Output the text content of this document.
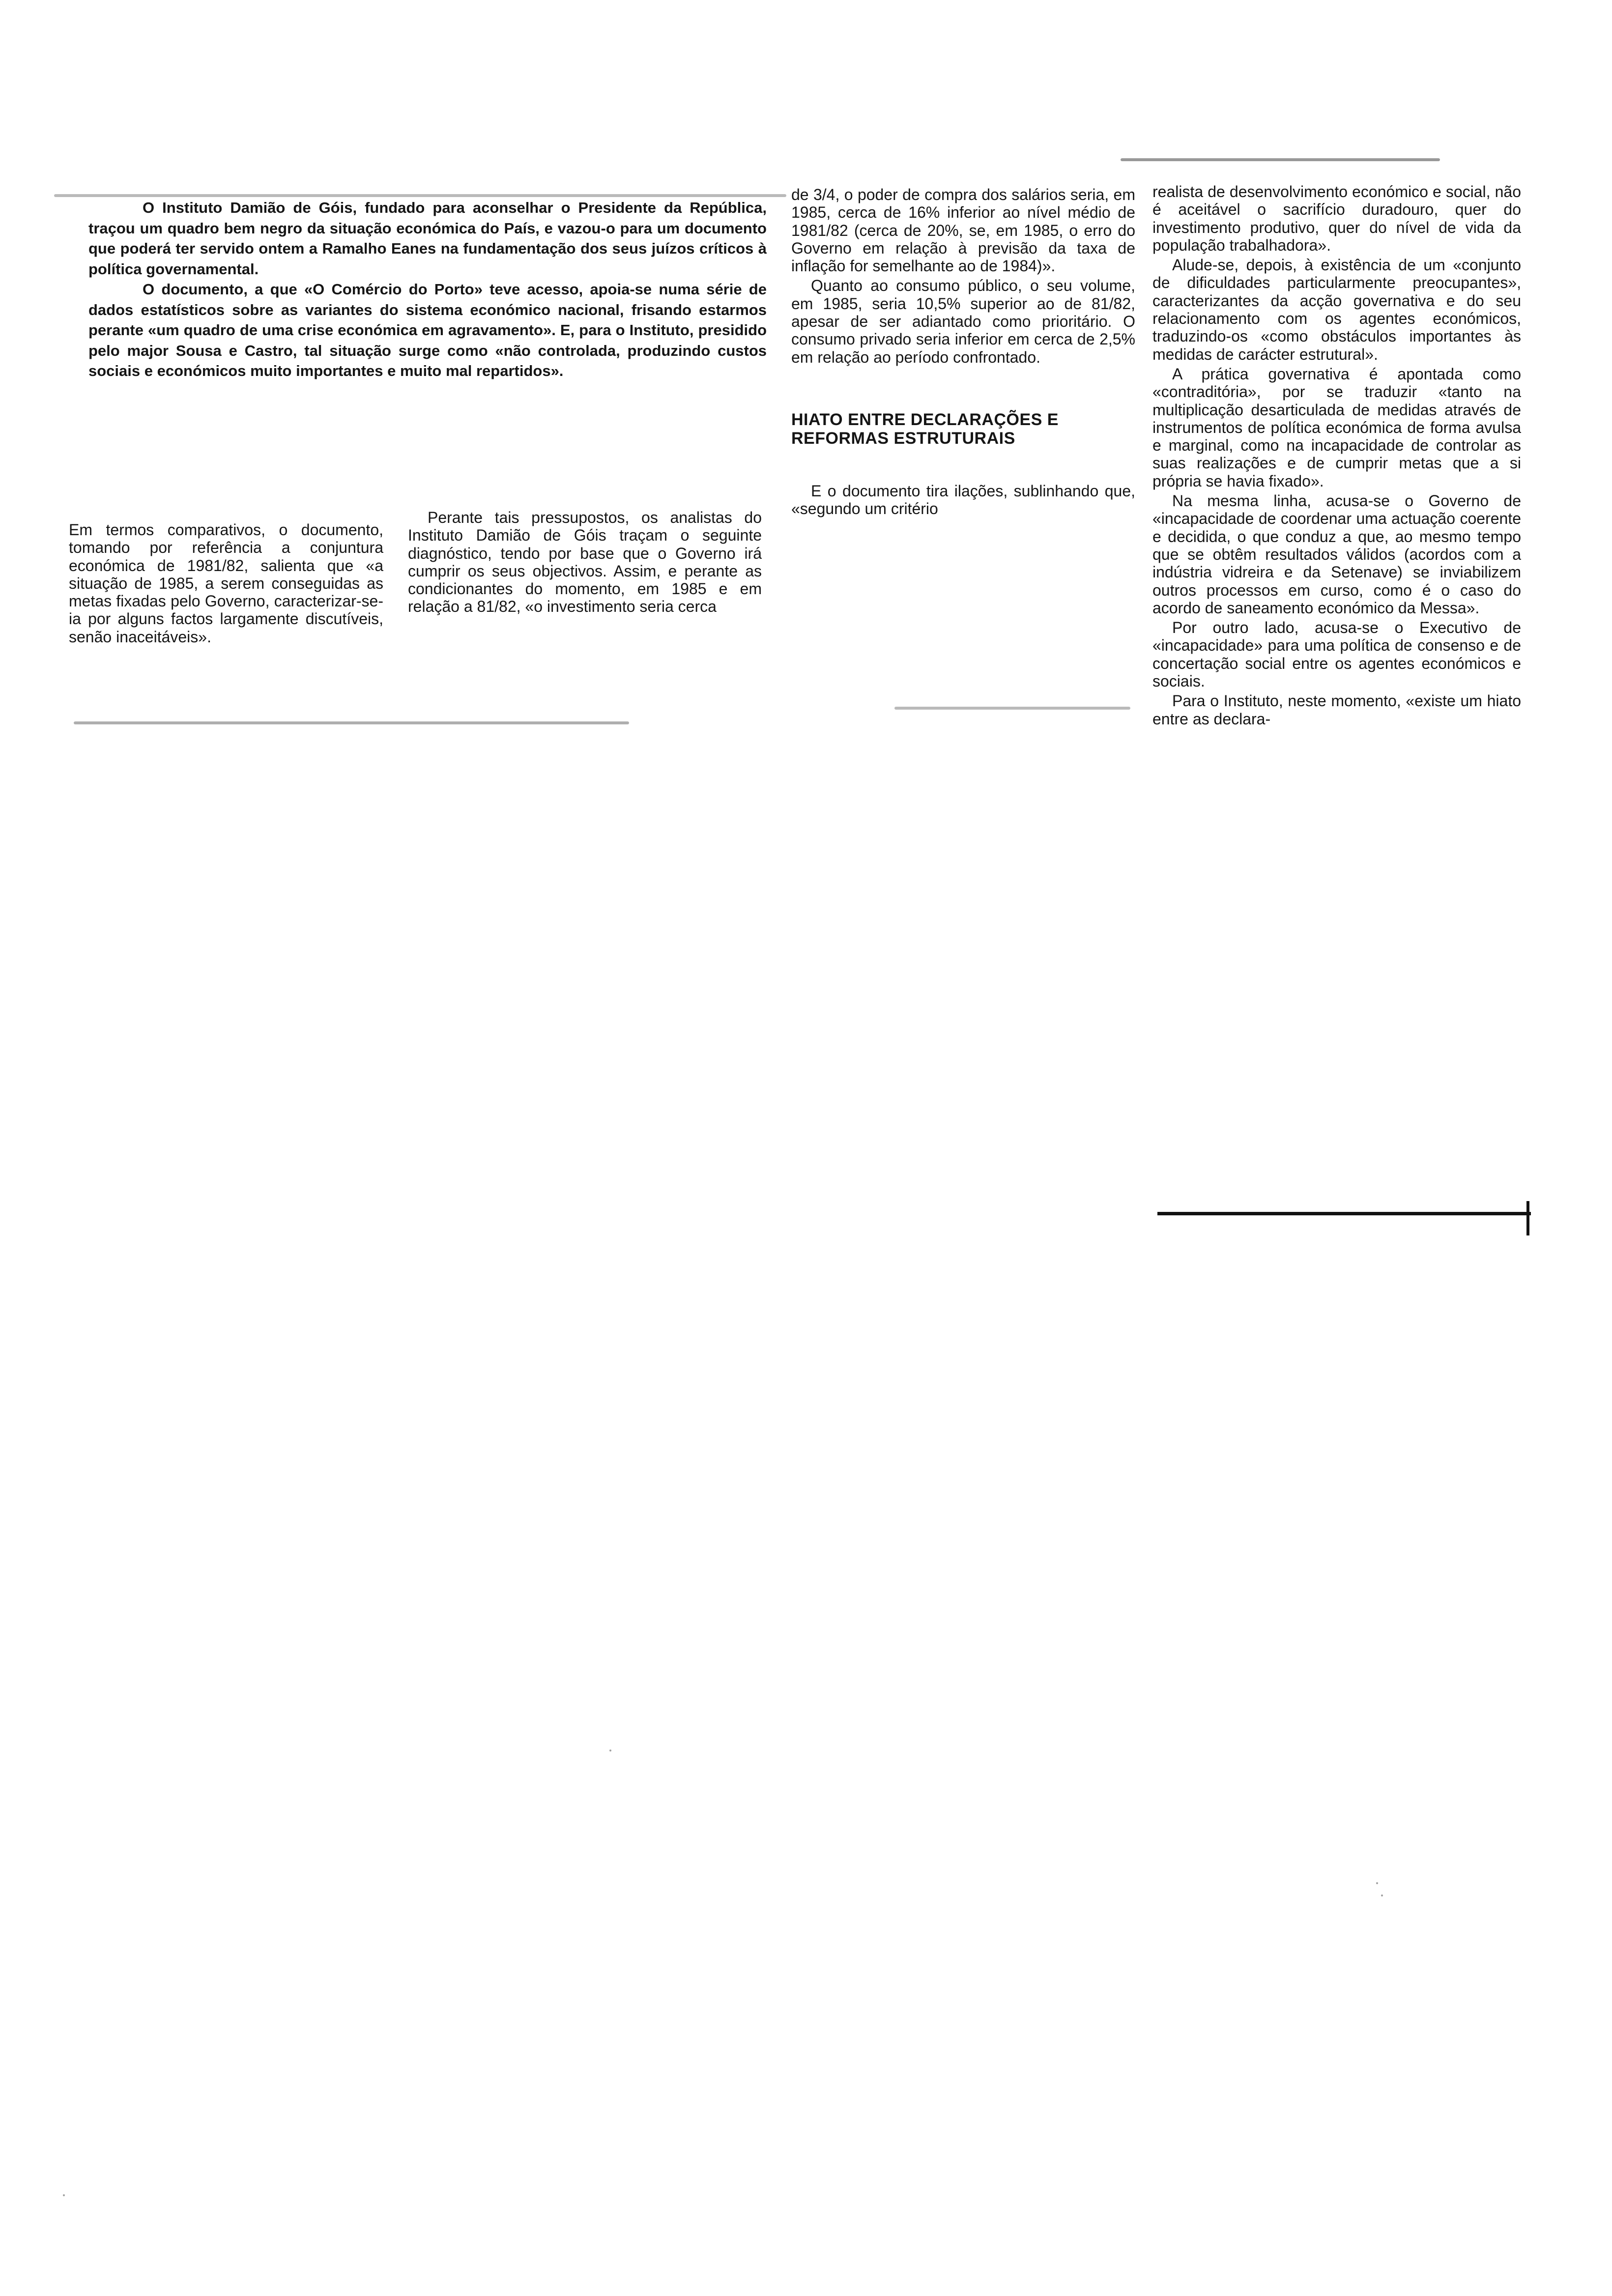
O Instituto Damião de Góis, fundado para aconselhar o Presidente da República, traçou um quadro bem negro da situação económica do País, e vazou-o para um documento que poderá ter servido ontem a Ramalho Eanes na fundamentação dos seus juízos críticos à política governamental.

O documento, a que «O Comércio do Porto» teve acesso, apoia-se numa série de dados estatísticos sobre as variantes do sistema económico nacional, frisando estarmos perante «um quadro de uma crise económica em agravamento». E, para o Instituto, presidido pelo major Sousa e Castro, tal situação surge como «não controlada, produzindo custos sociais e económicos muito importantes e muito mal repartidos».

Em termos comparativos, o documento, tomando por referência a conjuntura económica de 1981/82, salienta que «a situação de 1985, a serem conseguidas as metas fixadas pelo Governo, caracterizar-se-ia por alguns factos largamente discutíveis, senão inaceitáveis».

Perante tais pressupostos, os analistas do Instituto Damião de Góis traçam o seguinte diagnóstico, tendo por base que o Governo irá cumprir os seus objectivos. Assim, e perante as condicionantes do momento, em 1985 e em relação a 81/82, «o investimento seria cerca

de 3/4, o poder de compra dos salários seria, em 1985, cerca de 16% inferior ao nível médio de 1981/82 (cerca de 20%, se, em 1985, o erro do Governo em relação à previsão da taxa de inflação for semelhante ao de 1984)».

Quanto ao consumo público, o seu volume, em 1985, seria 10,5% superior ao de 81/82, apesar de ser adiantado como prioritário. O consumo privado seria inferior em cerca de 2,5% em relação ao período confrontado.

HIATO ENTRE DECLARAÇÕES E REFORMAS ESTRUTURAIS

E o documento tira ilações, sublinhando que, «segundo um critério

realista de desenvolvimento económico e social, não é aceitável o sacrifício duradouro, quer do investimento produtivo, quer do nível de vida da população trabalhadora».

Alude-se, depois, à existência de um «conjunto de dificuldades particularmente preocupantes», caracterizantes da acção governativa e do seu relacionamento com os agentes económicos, traduzindo-os «como obstáculos importantes às medidas de carácter estrutural».

A prática governativa é apontada como «contraditória», por se traduzir «tanto na multiplicação desarticulada de medidas através de instrumentos de política económica de forma avulsa e marginal, como na incapacidade de controlar as suas realizações e de cumprir metas que a si própria se havia fixado».

Na mesma linha, acusa-se o Governo de «incapacidade de coordenar uma actuação coerente e decidida, o que conduz a que, ao mesmo tempo que se obtêm resultados válidos (acordos com a indústria vidreira e da Setenave) se inviabilizem outros processos em curso, como é o caso do acordo de saneamento económico da Messa».

Por outro lado, acusa-se o Executivo de «incapacidade» para uma política de consenso e de concertação social entre os agentes económicos e sociais.

Para o Instituto, neste momento, «existe um hiato entre as declara-
